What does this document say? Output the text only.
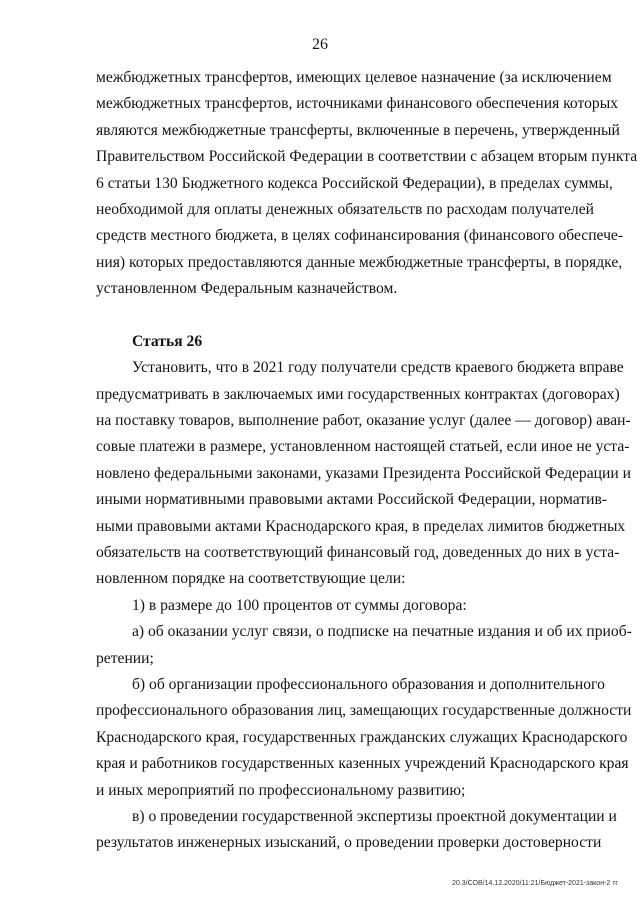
26
межбюджетных трансфертов, имеющих целевое назначение (за исключением
межбюджетных трансфертов, источниками финансового обеспечения которых
являются межбюджетные трансферты, включенные в перечень, утвержденный
Правительством Российской Федерации в соответствии с абзацем вторым пункта
6 статьи 130 Бюджетного кодекса Российской Федерации), в пределах суммы,
необходимой для оплаты денежных обязательств по расходам получателей
средств местного бюджета, в целях софинансирования (финансового обеспече-
ния) которых предоставляются данные межбюджетные трансферты, в порядке,
установленном Федеральным казначейством.
Статья 26
Установить, что в 2021 году получатели средств краевого бюджета вправе
предусматривать в заключаемых ими государственных контрактах (договорах)
на поставку товаров, выполнение работ, оказание услуг (далее — договор) аван-
совые платежи в размере, установленном настоящей статьей, если иное не уста-
новлено федеральными законами, указами Президента Российской Федерации и
иными нормативными правовыми актами Российской Федерации, норматив-
ными правовыми актами Краснодарского края, в пределах лимитов бюджетных
обязательств на соответствующий финансовый год, доведенных до них в уста-
новленном порядке на соответствующие цели:
1) в размере до 100 процентов от суммы договора:
а) об оказании услуг связи, о подписке на печатные издания и об их приоб-
ретении;
б) об организации профессионального образования и дополнительного
профессионального образования лиц, замещающих государственные должности
Краснодарского края, государственных гражданских служащих Краснодарского
края и работников государственных казенных учреждений Краснодарского края
и иных мероприятий по профессиональному развитию;
в) о проведении государственной экспертизы проектной документации и
результатов инженерных изысканий, о проведении проверки достоверности
20.3/СОВ/14.12.2020/11:21/Бюджет-2021-закон-2 тг
